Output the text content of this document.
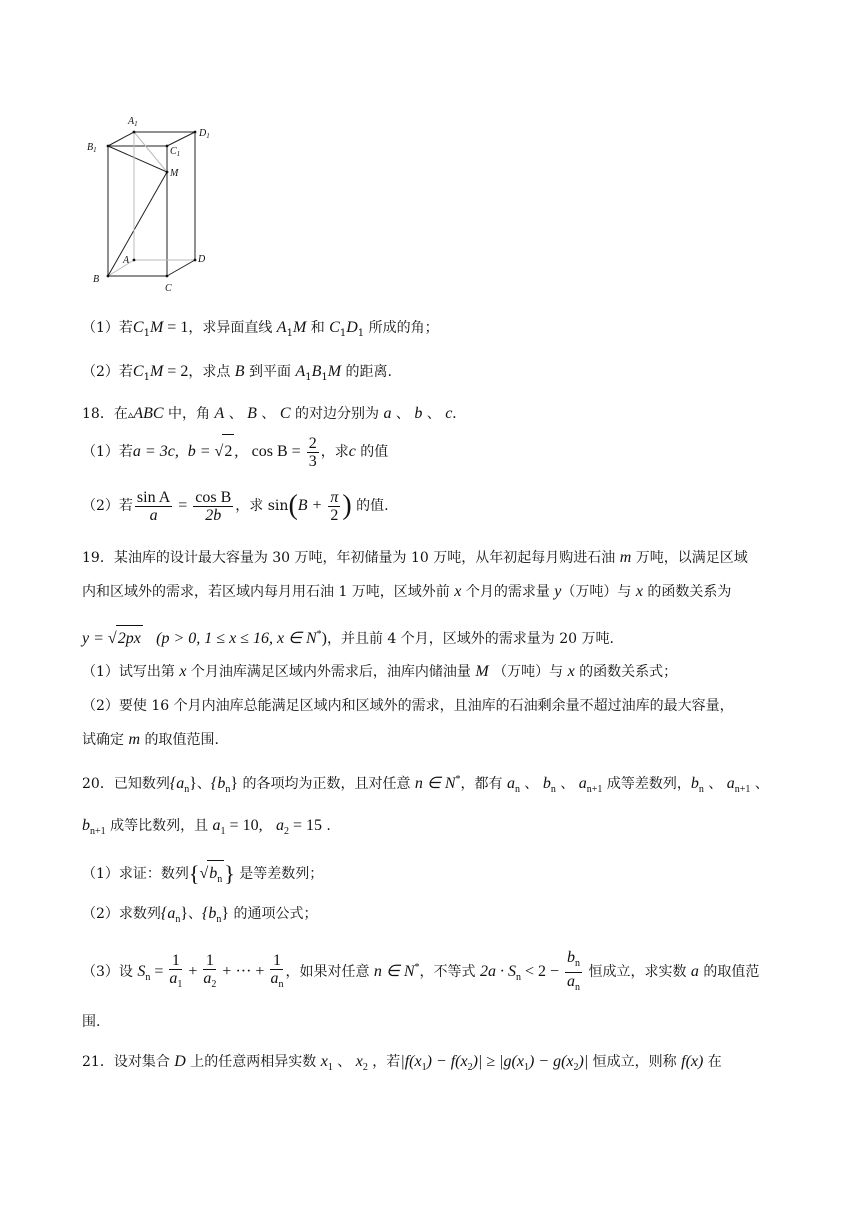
$A_1$
$D_1$
$B_1$	$C_1$
M
A	D
B
C
（1）若$C_1M = 1$，求异面直线 $A_1M$ 和 $C_1D_1$ 所成的角；
（2）若$C_1M = 2$，求点 B 到平面 $A_1B_1M$ 的距离.
18．在▵ABC 中，角 A 、 B 、 C 的对边分别为 a 、 b 、 c.
（1）若a = 3c, b = √2 , $\cos B = \frac{2}{3}$ ，求c 的值
（2）若 $\frac{\text{sin A}}{a} = \frac{\text{cos B}}{2b}$ ，求 $\sin(B + \frac{\pi}{2}$ ) 的值.
19．某油库的设计最大容量为 30 万吨，年初储量为 10 万吨，从年初起每月购进石油 m 万吨，以满足区域
内和区域外的需求，若区域内每月用石油 1 万吨，区域外前 x 个月的需求量 y（万吨）与 x 的函数关系为
y = √2px (p > 0, 1 ≤ x ≤ 16, x ∈ N*)，并且前 4 个月，区域外的需求量为 20 万吨.
（1）试写出第 x 个月油库满足区域内外需求后，油库内储油量 M （万吨）与 x 的函数关系式；
（2）要使 16 个月内油库总能满足区域内和区域外的需求，且油库的石油剩余量不超过油库的最大容量，
试确定 m 的取值范围.
20．已知数列$\{a_n\}$、$\{b_n\}$ 的各项均为正数，且对任意 n ∈ N*，都有 $a_n$ 、 $b_n$ 、 $a_{n+1}$ 成等差数列，$b_n$ 、 $a_{n+1}$ 、
$b_{n+1}$ 成等比数列，且 $a_1 = 10$, $a_2 = 15$ .
（1）求证：数列$\{√b_n\}$ 是等差数列；
（2）求数列$\{a_n\}$、$\{b_n\}$ 的通项公式；
（3）设 $S_n = \frac{1}{a_1} + \frac{1}{a_2}$ + ··· + $\frac{1}{a_n}$ ，如果对任意 n ∈ N*，不等式 $2a \cdot S_n < 2 - \frac{b_n}{a_n}$ 恒成立，求实数 a 的取值范
围.
21．设对集合 D 上的任意两相异实数 $x_1$ 、 $x_2$ ，若$|f(x_1) - f(x_2)| \ge |g(x_1) - g(x_2)|$ 恒成立，则称 f(x) 在
